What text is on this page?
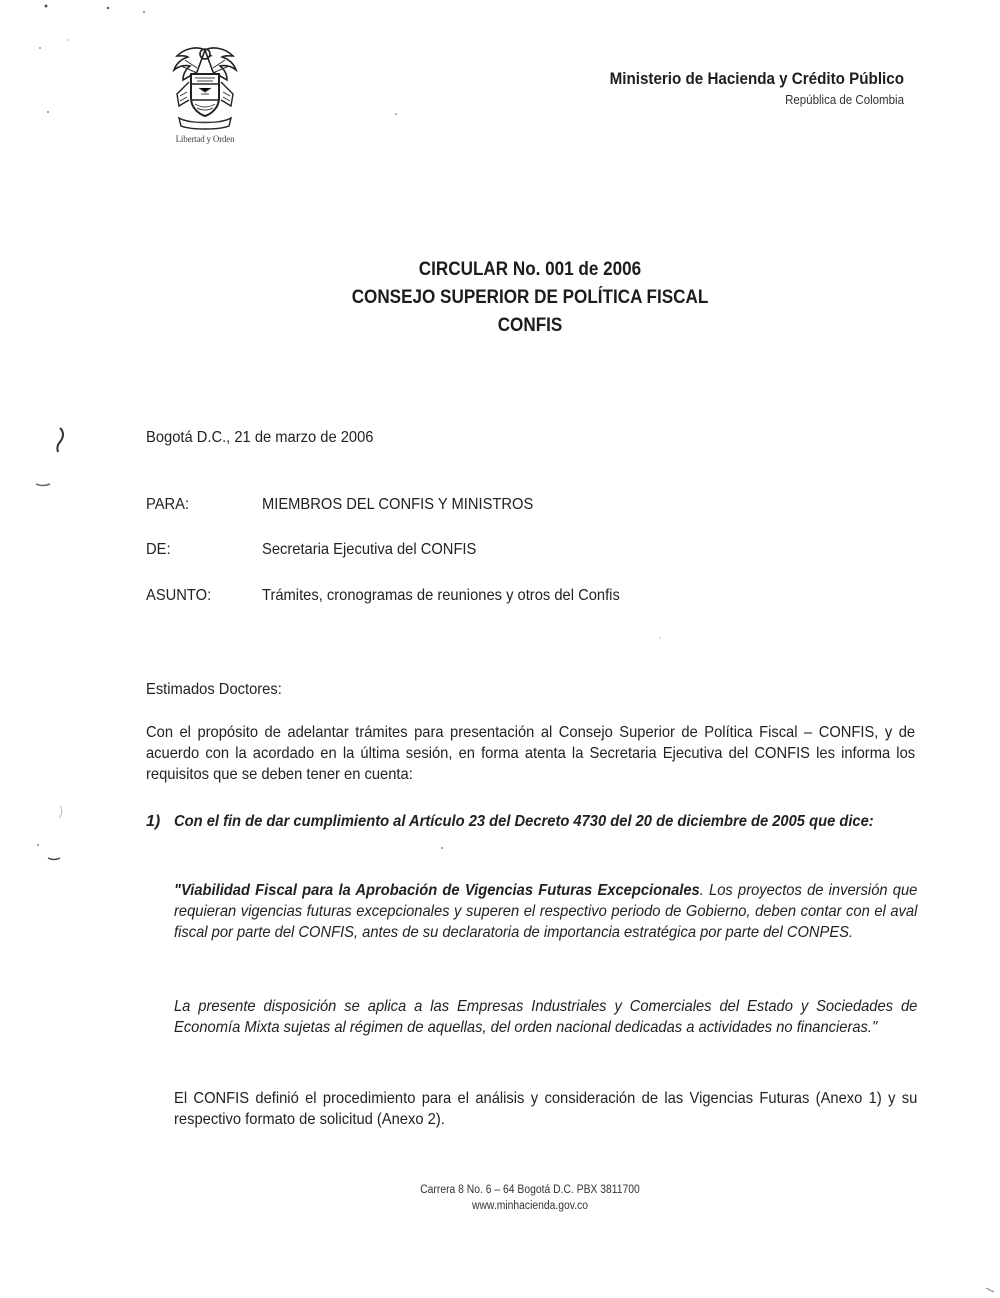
Libertad y Orden
Ministerio de Hacienda y Crédito Público
República de Colombia
CIRCULAR No. 001 de 2006
CONSEJO SUPERIOR DE POLÍTICA FISCAL
CONFIS
Bogotá D.C., 21 de marzo de 2006
PARA:	MIEMBROS DEL CONFIS Y MINISTROS
DE:	Secretaria Ejecutiva del CONFIS
ASUNTO:	Trámites, cronogramas de reuniones y otros del Confis
Estimados Doctores:
Con el propósito de adelantar trámites para presentación al Consejo Superior de Política Fiscal – CONFIS, y de acuerdo con la acordado en la última sesión, en forma atenta la Secretaria Ejecutiva del CONFIS les informa los requisitos que se deben tener en cuenta:
1) Con el fin de dar cumplimiento al Artículo 23 del Decreto 4730 del 20 de diciembre de 2005 que dice:
"Viabilidad Fiscal para la Aprobación de Vigencias Futuras Excepcionales. Los proyectos de inversión que requieran vigencias futuras excepcionales y superen el respectivo periodo de Gobierno, deben contar con el aval fiscal por parte del CONFIS, antes de su declaratoria de importancia estratégica por parte del CONPES.
La presente disposición se aplica a las Empresas Industriales y Comerciales del Estado y Sociedades de Economía Mixta sujetas al régimen de aquellas, del orden nacional dedicadas a actividades no financieras."
El CONFIS definió el procedimiento para el análisis y consideración de las Vigencias Futuras (Anexo 1) y su respectivo formato de solicitud (Anexo 2).
Carrera 8 No. 6 – 64 Bogotá D.C. PBX 3811700
www.minhacienda.gov.co
